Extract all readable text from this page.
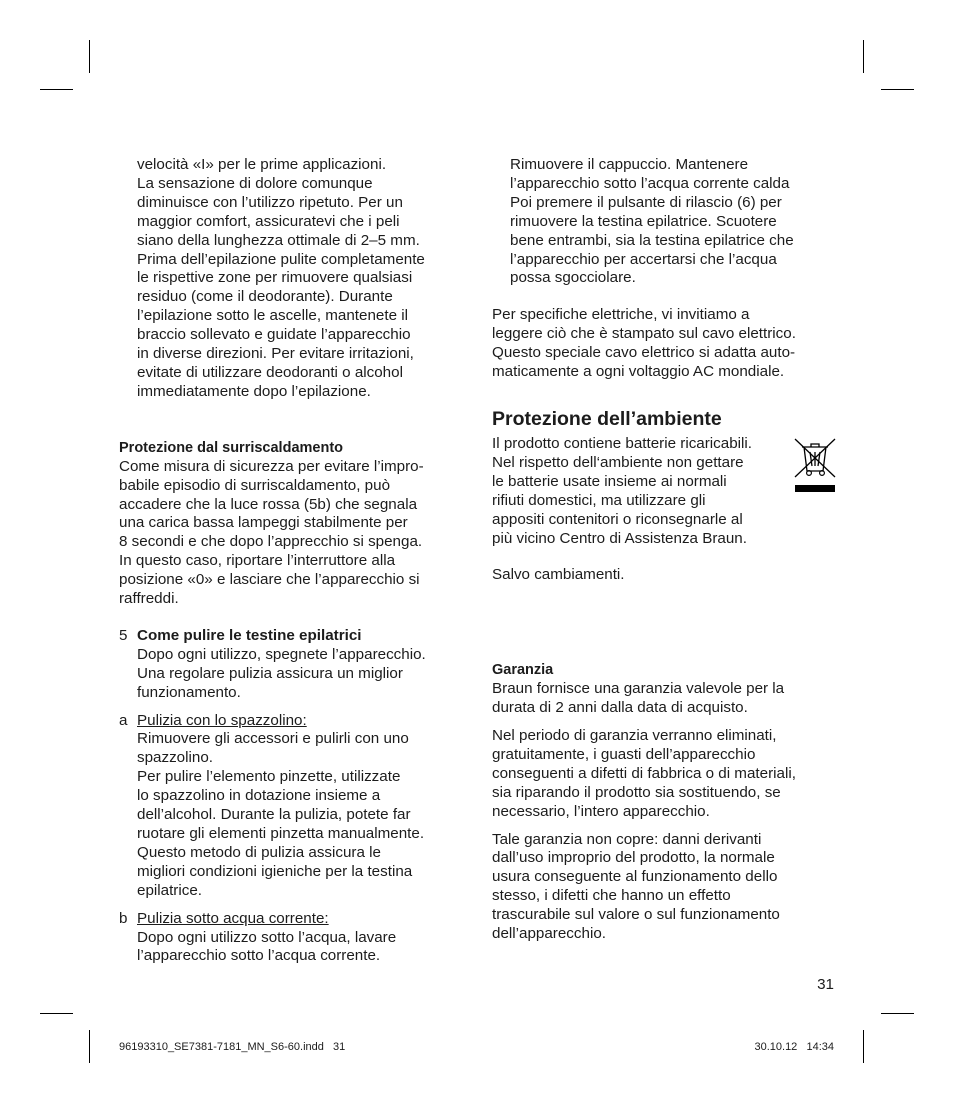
velocità «I» per le prime applicazioni.

La sensazione di dolore comunque

diminuisce con l’utilizzo ripetuto. Per un

maggior comfort, assicuratevi che i peli

siano della lunghezza ottimale di 2–5 mm.

Prima dell’epilazione pulite completamente

le rispettive zone per rimuovere qualsiasi

residuo (come il deodorante). Durante

l’epilazione sotto le ascelle, mantenete il

braccio sollevato e guidate l’apparecchio

in diverse direzioni. Per evitare irritazioni,

evitate di utilizzare deodoranti o alcohol

immediatamente dopo l’epilazione.

Protezione dal surriscaldamento

Come misura di sicurezza per evitare l’impro-

babile episodio di surriscaldamento, può

accadere che la luce rossa (5b) che segnala

una carica bassa lampeggi stabilmente per

8 secondi e che dopo l’apprecchio si spenga.

In questo caso, riportare l’interruttore alla

posizione «0» e lasciare che l’apparecchio si

raffreddi.

5 Come pulire le testine epilatrici

Dopo ogni utilizzo, spegnete l’apparecchio.

Una regolare pulizia assicura un miglior

funzionamento.

a Pulizia con lo spazzolino:

Rimuovere gli accessori e pulirli con uno

spazzolino.

Per pulire l’elemento pinzette, utilizzate

lo spazzolino in dotazione insieme a

dell’alcohol. Durante la pulizia, potete far

ruotare gli elementi pinzetta manualmente.

Questo metodo di pulizia assicura le

migliori condizioni igieniche per la testina

epilatrice.

b Pulizia sotto acqua corrente:

Dopo ogni utilizzo sotto l’acqua, lavare

l’apparecchio sotto l’acqua corrente.

Rimuovere il cappuccio. Mantenere

l’apparecchio sotto l’acqua corrente calda

Poi premere il pulsante di rilascio (6) per

rimuovere la testina epilatrice. Scuotere

bene entrambi, sia la testina epilatrice che

l’apparecchio per accertarsi che l’acqua

possa sgocciolare.

Per specifiche elettriche, vi invitiamo a

leggere ciò che è stampato sul cavo elettrico.

Questo speciale cavo elettrico si adatta auto-

maticamente a ogni voltaggio AC mondiale.

Protezione dell’ambiente

Il prodotto contiene batterie ricaricabili.

Nel rispetto dell‘ambiente non gettare

le batterie usate insieme ai normali

rifiuti domestici, ma utilizzare gli

appositi contenitori o riconsegnarle al

più vicino Centro di Assistenza Braun.

Salvo cambiamenti.

Garanzia

Braun fornisce una garanzia valevole per la

durata di 2 anni dalla data di acquisto.

Nel periodo di garanzia verranno eliminati,

gratuitamente, i guasti dell’apparecchio

conseguenti a difetti di fabbrica o di materiali,

sia riparando il prodotto sia sostituendo, se

necessario, l’intero apparecchio.

Tale garanzia non copre: danni derivanti

dall’uso improprio del prodotto, la normale

usura conseguente al funzionamento dello

stesso, i difetti che hanno un effetto

trascurabile sul valore o sul funzionamento

dell’apparecchio.

31
96193310_SE7381-7181_MN_S6-60.indd   31	30.10.12   14:34
